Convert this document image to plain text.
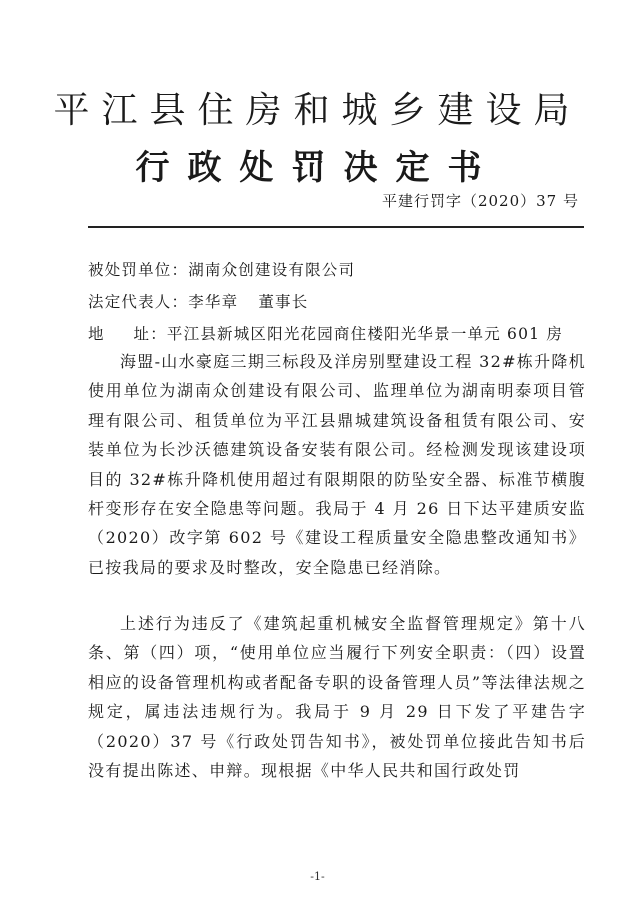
平江县住房和城乡建设局
行政处罚决定书
平建行罚字（2020）37 号
被处罚单位：湖南众创建设有限公司
法定代表人：李华章 董事长
地址：平江县新城区阳光花园商住楼阳光华景一单元 601 房

海盟-山水豪庭三期三标段及洋房别墅建设工程 32#栋升降机使用单位为湖南众创建设有限公司、监理单位为湖南明泰项目管理有限公司、租赁单位为平江县鼎城建筑设备租赁有限公司、安装单位为长沙沃德建筑设备安装有限公司。经检测发现该建设项目的 32#栋升降机使用超过有限期限的防坠安全器、标准节横腹杆变形存在安全隐患等问题。我局于 4 月 26 日下达平建质安监（2020）改字第 602 号《建设工程质量安全隐患整改通知书》已按我局的要求及时整改，安全隐患已经消除。

上述行为违反了《建筑起重机械安全监督管理规定》第十八条、第（四）项，“使用单位应当履行下列安全职责：（四）设置相应的设备管理机构或者配备专职的设备管理人员”等法律法规之规定，属违法违规行为。我局于 9 月 29 日下发了平建告字（2020）37 号《行政处罚告知书》，被处罚单位接此告知书后没有提出陈述、申辩。现根据《中华人民共和国行政处罚

-1-
